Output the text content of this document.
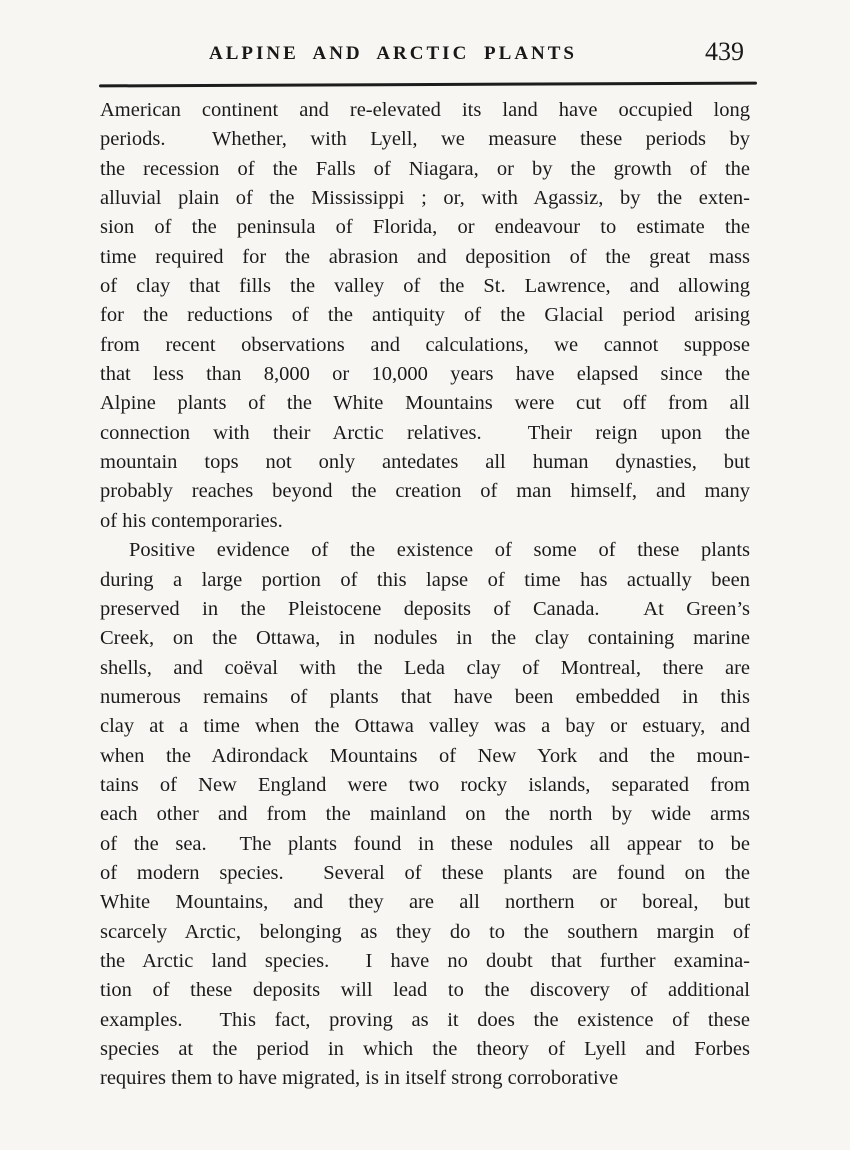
ALPINE AND ARCTIC PLANTS	439
American continent and re-elevated its land have occupied long
periods.  Whether, with Lyell, we measure these periods by
the recession of the Falls of Niagara, or by the growth of the
alluvial plain of the Mississippi ; or, with Agassiz, by the exten-
sion of the peninsula of Florida, or endeavour to estimate the
time required for the abrasion and deposition of the great mass
of clay that fills the valley of the St. Lawrence, and allowing
for the reductions of the antiquity of the Glacial period arising
from recent observations and calculations, we cannot suppose
that less than 8,000 or 10,000 years have elapsed since the
Alpine plants of the White Mountains were cut off from all
connection with their Arctic relatives.  Their reign upon the
mountain tops not only antedates all human dynasties, but
probably reaches beyond the creation of man himself, and many
of his contemporaries.
Positive evidence of the existence of some of these plants
during a large portion of this lapse of time has actually been
preserved in the Pleistocene deposits of Canada.  At Green’s
Creek, on the Ottawa, in nodules in the clay containing marine
shells, and coëval with the Leda clay of Montreal, there are
numerous remains of plants that have been embedded in this
clay at a time when the Ottawa valley was a bay or estuary, and
when the Adirondack Mountains of New York and the moun-
tains of New England were two rocky islands, separated from
each other and from the mainland on the north by wide arms
of the sea.  The plants found in these nodules all appear to be
of modern species.  Several of these plants are found on the
White Mountains, and they are all northern or boreal, but
scarcely Arctic, belonging as they do to the southern margin of
the Arctic land species.  I have no doubt that further examina-
tion of these deposits will lead to the discovery of additional
examples.  This fact, proving as it does the existence of these
species at the period in which the theory of Lyell and Forbes
requires them to have migrated, is in itself strong corroborative
